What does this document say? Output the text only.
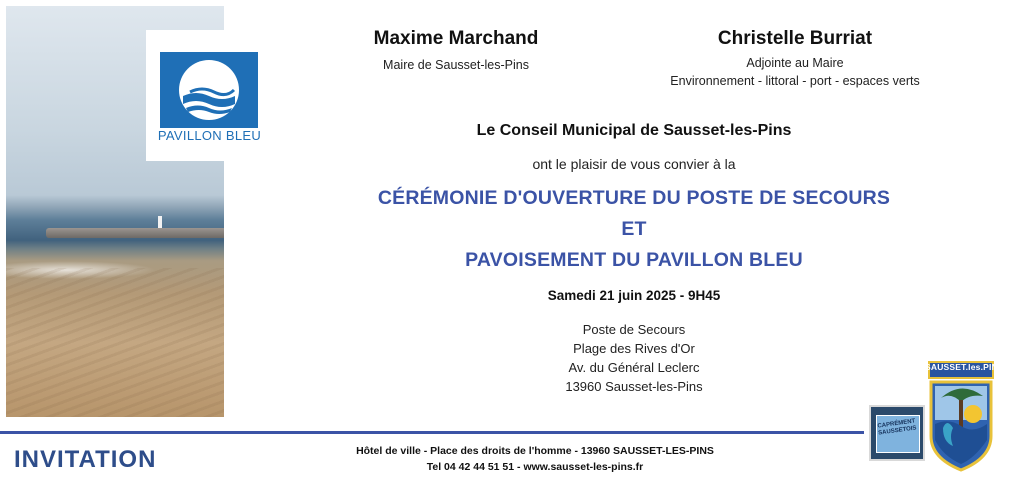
PAVILLON BLEU
Maxime Marchand
Maire de Sausset-les-Pins
Christelle Burriat
Adjointe au Maire
Environnement - littoral - port - espaces verts
Le Conseil Municipal de Sausset-les-Pins
ont le plaisir de vous convier à la
CÉRÉMONIE D'OUVERTURE DU POSTE DE SECOURS
ET
PAVOISEMENT DU PAVILLON BLEU
Samedi 21 juin 2025 - 9H45
Poste de Secours
Plage des Rives d'Or
Av. du Général Leclerc
13960 Sausset-les-Pins
INVITATION	Hôtel de ville - Place des droits de l'homme - 13960 SAUSSET-LES-PINS
Tel 04 42 44 51 51 - www.sausset-les-pins.fr
CAPRÉMENT SAUSSETOIS
SAUSSET.les.PINS
